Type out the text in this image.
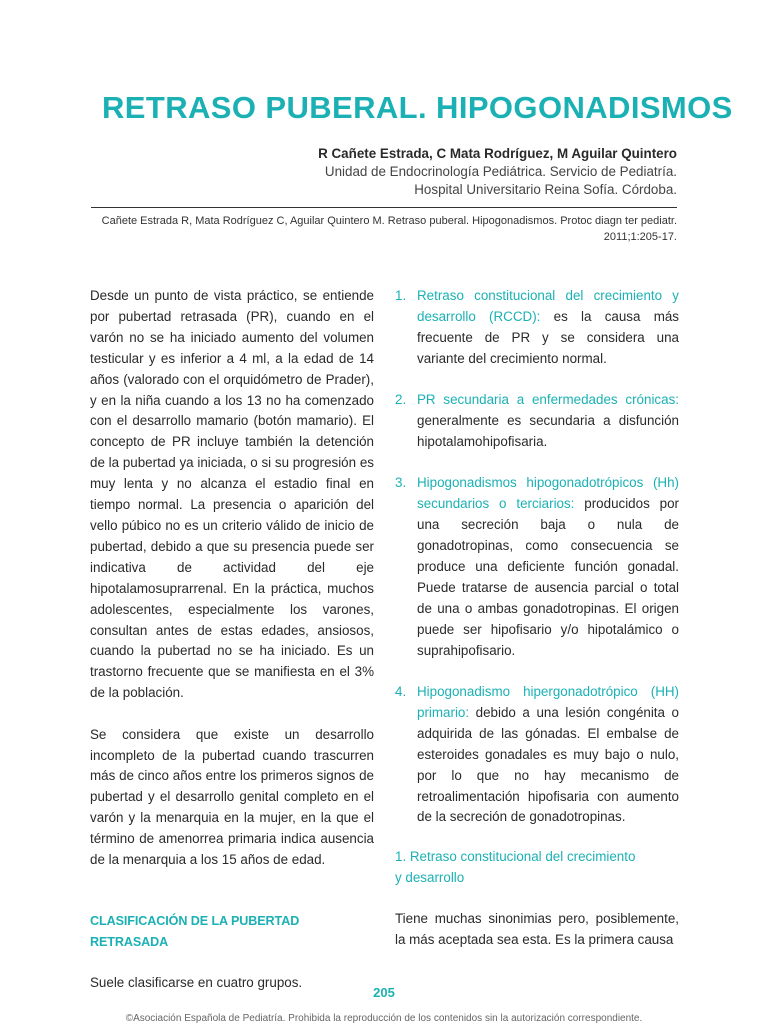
RETRASO PUBERAL. HIPOGONADISMOS

R Cañete Estrada, C Mata Rodríguez, M Aguilar Quintero

Unidad de Endocrinología Pediátrica. Servicio de Pediatría.

Hospital Universitario Reina Sofía. Córdoba.

Cañete Estrada R, Mata Rodríguez C, Aguilar Quintero M. Retraso puberal. Hipogonadismos. Protoc diagn ter pediatr. 2011;1:205-17.

Desde un punto de vista práctico, se entiende por pubertad retrasada (PR), cuando en el varón no se ha iniciado aumento del volumen testicular y es inferior a 4 ml, a la edad de 14 años (valorado con el orquidómetro de Prader), y en la niña cuando a los 13 no ha comenzado con el desarrollo mamario (botón mamario). El concepto de PR incluye también la detención de la pubertad ya iniciada, o si su progresión es muy lenta y no alcanza el estadio final en tiempo normal. La presencia o aparición del vello púbico no es un criterio válido de inicio de pubertad, debido a que su presencia puede ser indicativa de actividad del eje hipotalamosuprarrenal. En la práctica, muchos adolescentes, especialmente los varones, consultan antes de estas edades, ansiosos, cuando la pubertad no se ha iniciado. Es un trastorno frecuente que se manifiesta en el 3% de la población.

Se considera que existe un desarrollo incompleto de la pubertad cuando trascurren más de cinco años entre los primeros signos de pubertad y el desarrollo genital completo en el varón y la menarquia en la mujer, en la que el término de amenorrea primaria indica ausencia de la menarquia a los 15 años de edad.

CLASIFICACIÓN DE LA PUBERTAD RETRASADA

Suele clasificarse en cuatro grupos.

1. Retraso constitucional del crecimiento y desarrollo (RCCD): es la causa más frecuente de PR y se considera una variante del crecimiento normal.
2. PR secundaria a enfermedades crónicas: generalmente es secundaria a disfunción hipotalamohipofisaria.
3. Hipogonadismos hipogonadotrópicos (Hh) secundarios o terciarios: producidos por una secreción baja o nula de gonadotropinas, como consecuencia se produce una deficiente función gonadal. Puede tratarse de ausencia parcial o total de una o ambas gonadotropinas. El origen puede ser hipofisario y/o hipotalámico o suprahipofisario.
4. Hipogonadismo hipergonadotrópico (HH) primario: debido a una lesión congénita o adquirida de las gónadas. El embalse de esteroides gonadales es muy bajo o nulo, por lo que no hay mecanismo de retroalimentación hipofisaria con aumento de la secreción de gonadotropinas.
1. Retraso constitucional del crecimiento
y desarrollo

Tiene muchas sinonimias pero, posiblemente, la más aceptada sea esta. Es la primera causa

205
©Asociación Española de Pediatría. Prohibida la reproducción de los contenidos sin la autorización correspondiente.
